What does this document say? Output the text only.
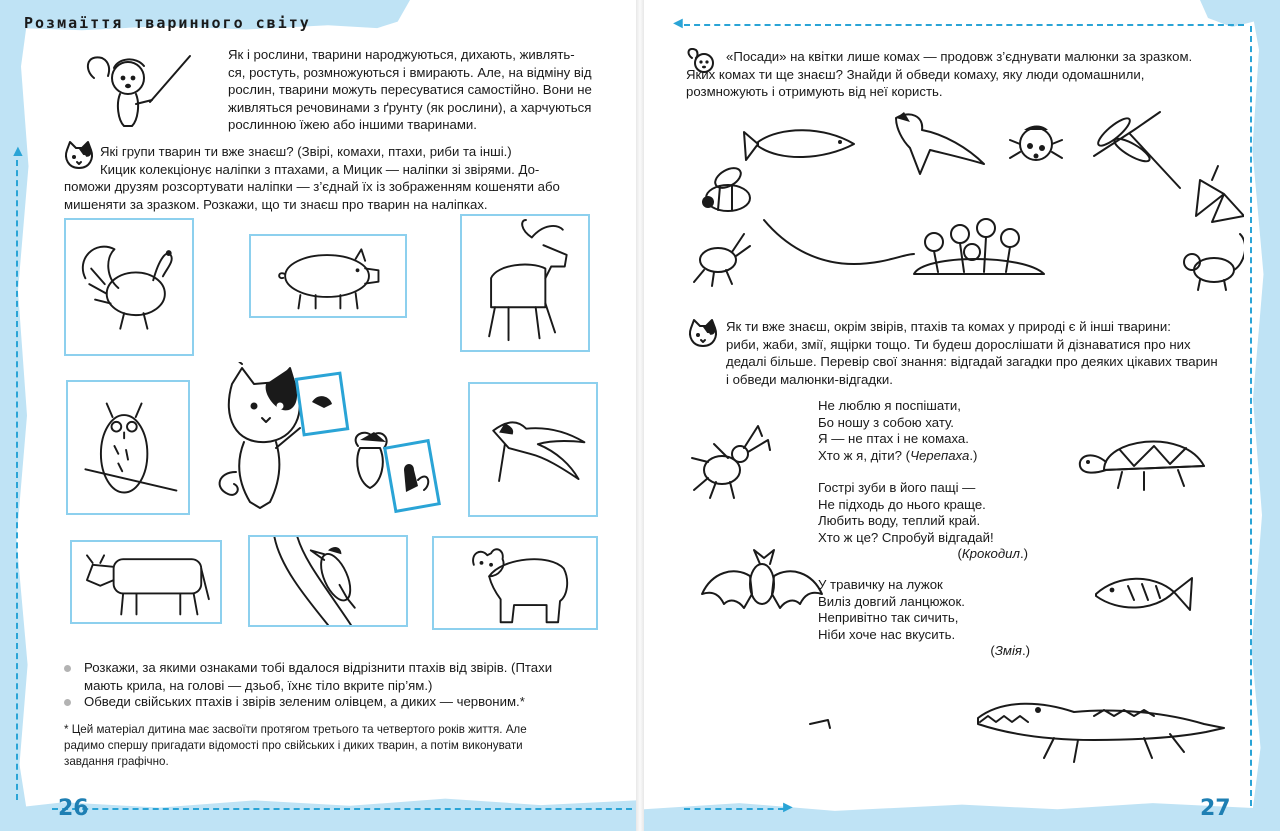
Розмаїття тваринного світу
▲
Як і рослини, тварини народжуються, дихають, живлять-
ся, ростуть, розмножуються і вмирають. Але, на відміну від
рослин, тварини можуть пересуватися самостійно. Вони не
живляться речовинами з ґрунту (як рослини), а харчуються
рослинною їжею або іншими тваринами.
Які групи тварин ти вже знаєш? (Звірі, комахи, птахи, риби та інші.)
Кицик колекціонує наліпки з птахами, а Мицик — наліпки зі звірями. До-
поможи друзям розсортувати наліпки — з’єднай їх із зображенням кошеняти або
мишеняти за зразком. Розкажи, що ти знаєш про тварин на наліпках.
Розкажи, за якими ознаками тобі вдалося відрізнити птахів від звірів. (Птахи
мають крила, на голові — дзьоб, їхнє тіло вкрите пір’ям.)
Обведи свійських птахів і звірів зеленим олівцем, а диких — червоним.*
* Цей матеріал дитина має засвоїти протягом третього та четвертого років життя. Але
радимо спершу пригадати відомості про свійських і диких тварин, а потім виконувати
завдання графічно.
26
◄
►
«Посади» на квітки лише комах — продовж з’єднувати малюнки за зразком.
Яких комах ти ще знаєш? Знайди й обведи комаху, яку люди одомашнили,
розмножують і отримують від неї користь.
Як ти вже знаєш, окрім звірів, птахів та комах у природі є й інші тварини:
риби, жаби, змії, ящірки тощо. Ти будеш дорослішати й дізнаватися про них
дедалі більше. Перевір свої знання: відгадай загадки про деяких цікавих тварин
і обведи малюнки-відгадки.
Не люблю я поспішати,
Бо ношу з собою хату.
Я — не птах і не комаха.
Хто ж я, діти? (Черепаха.)
Гострі зуби в його пащі —
Не підходь до нього краще.
Любить воду, теплий край.
Хто ж це? Спробуй відгадай!
(Крокодил.)
У травичку на лужок
Виліз довгий ланцюжок.
Непривітно так сичить,
Ніби хоче нас вкусить.
(Змія.)
27
